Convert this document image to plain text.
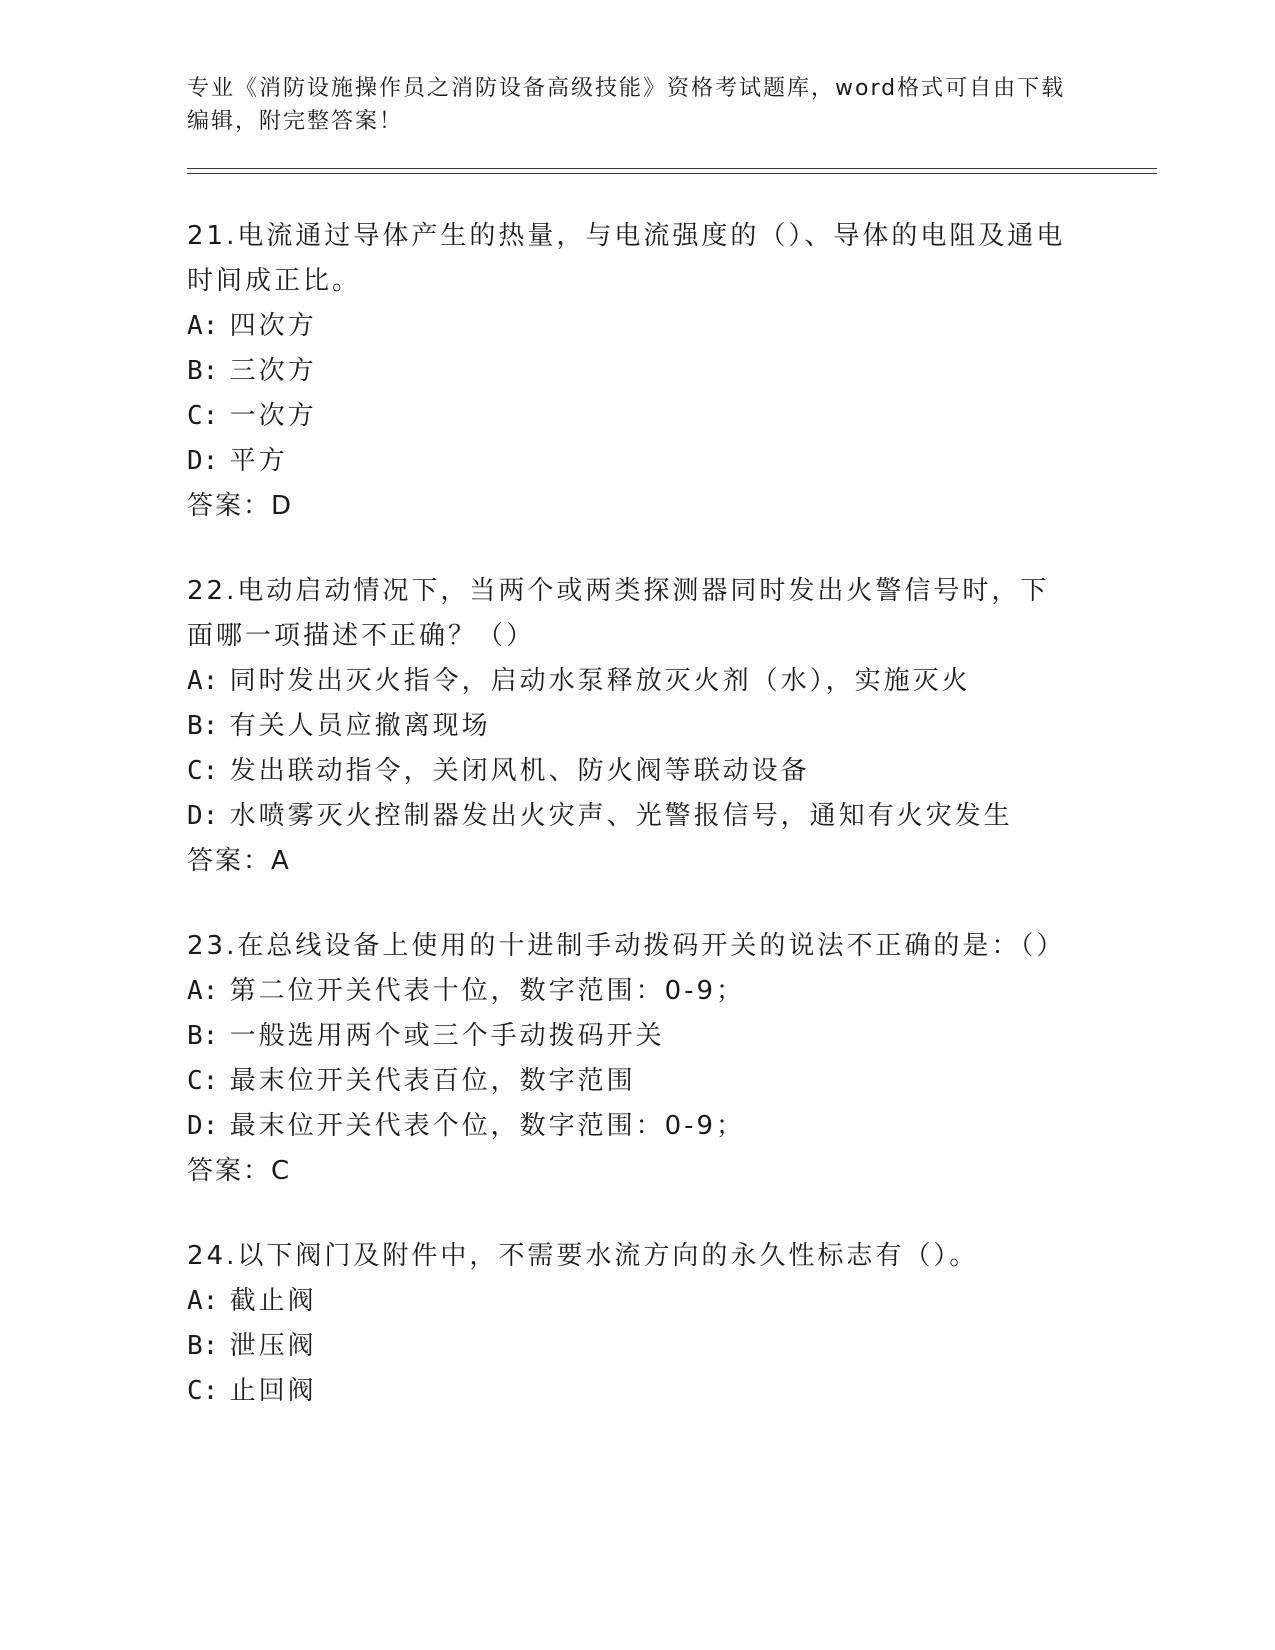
专业《消防设施操作员之消防设备高级技能》资格考试题库，word格式可自由下载编辑，附完整答案！
21.电流通过导体产生的热量，与电流强度的（）、导体的电阻及通电时间成正比。
A: 四次方
B: 三次方
C: 一次方
D: 平方
答案：D
22.电动启动情况下，当两个或两类探测器同时发出火警信号时，下面哪一项描述不正确？（）
A: 同时发出灭火指令，启动水泵释放灭火剂（水），实施灭火
B: 有关人员应撤离现场
C: 发出联动指令，关闭风机、防火阀等联动设备
D: 水喷雾灭火控制器发出火灾声、光警报信号，通知有火灾发生
答案：A
23.在总线设备上使用的十进制手动拨码开关的说法不正确的是：（）
A: 第二位开关代表十位，数字范围：0-9；
B: 一般选用两个或三个手动拨码开关
C: 最末位开关代表百位，数字范围
D: 最末位开关代表个位，数字范围：0-9；
答案：C
24.以下阀门及附件中，不需要水流方向的永久性标志有（）。
A: 截止阀
B: 泄压阀
C: 止回阀
